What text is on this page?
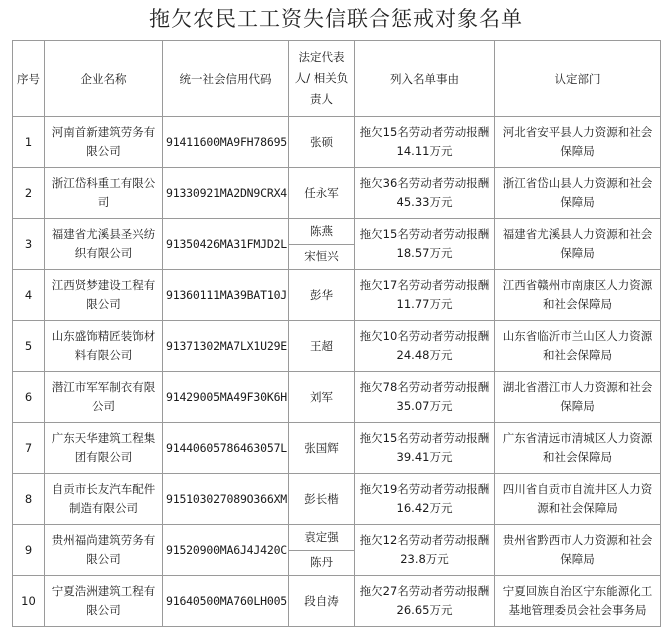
拖欠农民工工资失信联合惩戒对象名单
序号	企业名称	统一社会信用代码	法定代表人/ 相关负责人	列入名单事由	认定部门
1	河南首新建筑劳务有限公司	91411600MA9FH78695	张硕	拖欠15名劳动者劳动报酬
14.11万元	河北省安平县人力资源和社会保障局
2	浙江岱科重工有限公司	91330921MA2DN9CRX4	任永军	拖欠36名劳动者劳动报酬
45.33万元	浙江省岱山县人力资源和社会保障局
3	福建省尤溪县圣兴纺织有限公司	91350426MA31FMJD2L	陈燕	拖欠15名劳动者劳动报酬
18.57万元	福建省尤溪县人力资源和社会保障局
			宋恒兴		
4	江西贤梦建设工程有限公司	91360111MA39BAT10J	彭华	拖欠17名劳动者劳动报酬
11.77万元	江西省赣州市南康区人力资源和社会保障局
5	山东盛饰精匠装饰材料有限公司	91371302MA7LX1U29E	王超	拖欠10名劳动者劳动报酬
24.48万元	山东省临沂市兰山区人力资源和社会保障局
6	潜江市军军制衣有限公司	91429005MA49F30K6H	刘军	拖欠78名劳动者劳动报酬
35.07万元	湖北省潜江市人力资源和社会保障局
7	广东天华建筑工程集团有限公司	91440605786463057L	张国辉	拖欠15名劳动者劳动报酬
39.41万元	广东省清远市清城区人力资源和社会保障局
8	自贡市长友汽车配件制造有限公司	915103027089O366XM	彭长楷	拖欠19名劳动者劳动报酬
16.42万元	四川省自贡市自流井区人力资源和社会保障局
9	贵州福尚建筑劳务有限公司	91520900MA6J4J420C	袁定强	拖欠12名劳动者劳动报酬
23.8万元	贵州省黔西市人力资源和社会保障局
			陈丹		
10	宁夏浩洲建筑工程有限公司	91640500MA760LH005	段自涛	拖欠27名劳动者劳动报酬
26.65万元	宁夏回族自治区宁东能源化工基地管理委员会社会事务局
